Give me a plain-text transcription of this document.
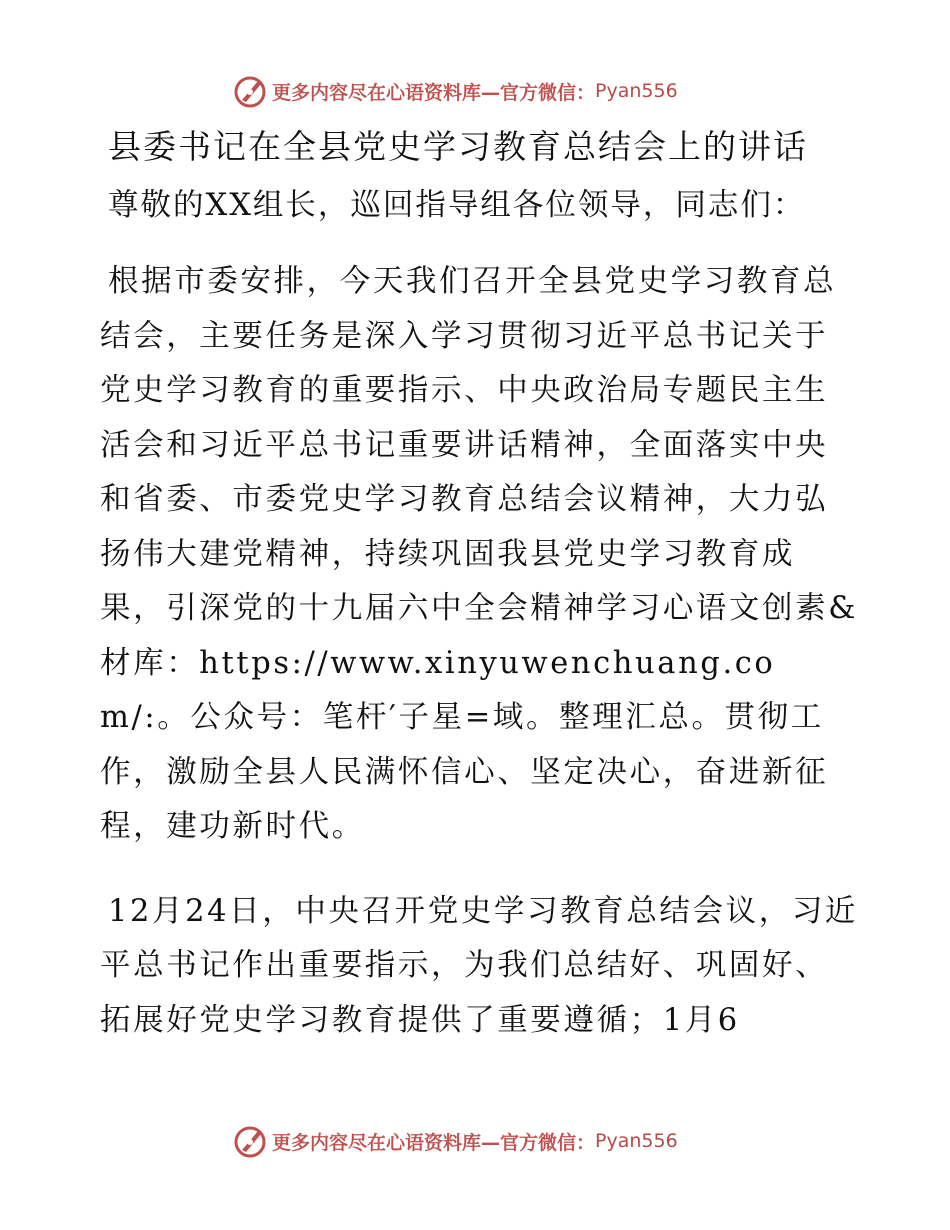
更多内容尽在心语资料库—官方微信： Pyan556
县委书记在全县党史学习教育总结会上的讲话

尊敬的XX组长，巡回指导组各位领导，同志们：

根据市委安排，今天我们召开全县党史学习教育总结会，主要任务是深入学习贯彻习近平总书记关于党史学习教育的重要指示、中央政治局专题民主生活会和习近平总书记重要讲话精神，全面落实中央和省委、市委党史学习教育总结会议精神，大力弘扬伟大建党精神，持续巩固我县党史学习教育成果，引深党的十九届六中全会精神学习心语文创素&材库：https://www.xinyuwenchuang.com/:。公众号：笔杆′子星=域。整理汇总。贯彻工作，激励全县人民满怀信心、坚定决心，奋进新征程，建功新时代。

12月24日，中央召开党史学习教育总结会议，习近平总书记作出重要指示，为我们总结好、巩固好、拓展好党史学习教育提供了重要遵循；1月6

更多内容尽在心语资料库—官方微信： Pyan556
